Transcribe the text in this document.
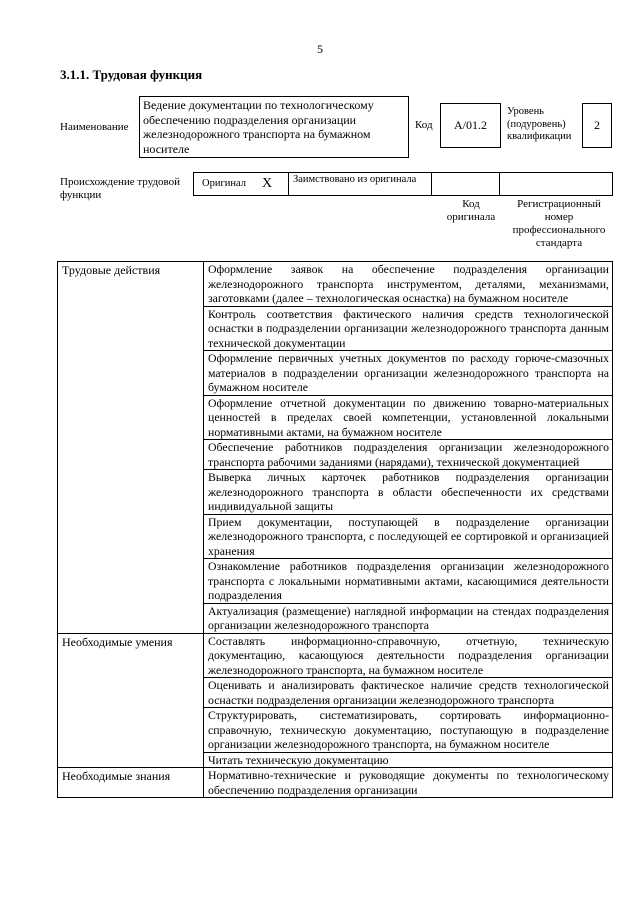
5
3.1.1. Трудовая функция
Наименование
Ведение документации по технологическому обеспечению подразделения организации железнодорожного транспорта на бумажном носителе
Код А/01.2
Уровень (подуровень) квалификации
2
Происхождение трудовой функции
Оригинал X	Заимствовано из оригинала
Код оригинала
Регистрационный номер профессионального стандарта
Трудовые действия	Оформление заявок на обеспечение подразделения организации железнодорожного транспорта инструментом, деталями, механизмами, заготовками (далее – технологическая оснастка) на бумажном носителе
	Контроль соответствия фактического наличия средств технологической оснастки в подразделении организации железнодорожного транспорта данным технической документации
	Оформление первичных учетных документов по расходу горюче-смазочных материалов в подразделении организации железнодорожного транспорта на бумажном носителе
	Оформление отчетной документации по движению товарно-материальных ценностей в пределах своей компетенции, установленной локальными нормативными актами, на бумажном носителе
	Обеспечение работников подразделения организации железнодорожного транспорта рабочими заданиями (нарядами), технической документацией
	Выверка личных карточек работников подразделения организации железнодорожного транспорта в области обеспеченности их средствами индивидуальной защиты
	Прием документации, поступающей в подразделение организации железнодорожного транспорта, с последующей ее сортировкой и организацией хранения
	Ознакомление работников подразделения организации железнодорожного транспорта с локальными нормативными актами, касающимися деятельности подразделения
	Актуализация (размещение) наглядной информации на стендах подразделения организации железнодорожного транспорта
Необходимые умения	Составлять информационно-справочную, отчетную, техническую документацию, касающуюся деятельности подразделения организации железнодорожного транспорта, на бумажном носителе
	Оценивать и анализировать фактическое наличие средств технологической оснастки подразделения организации железнодорожного транспорта
	Структурировать, систематизировать, сортировать информационно-справочную, техническую документацию, поступающую в подразделение организации железнодорожного транспорта, на бумажном носителе
	Читать техническую документацию
Необходимые знания	Нормативно-технические и руководящие документы по технологическому обеспечению подразделения организации
